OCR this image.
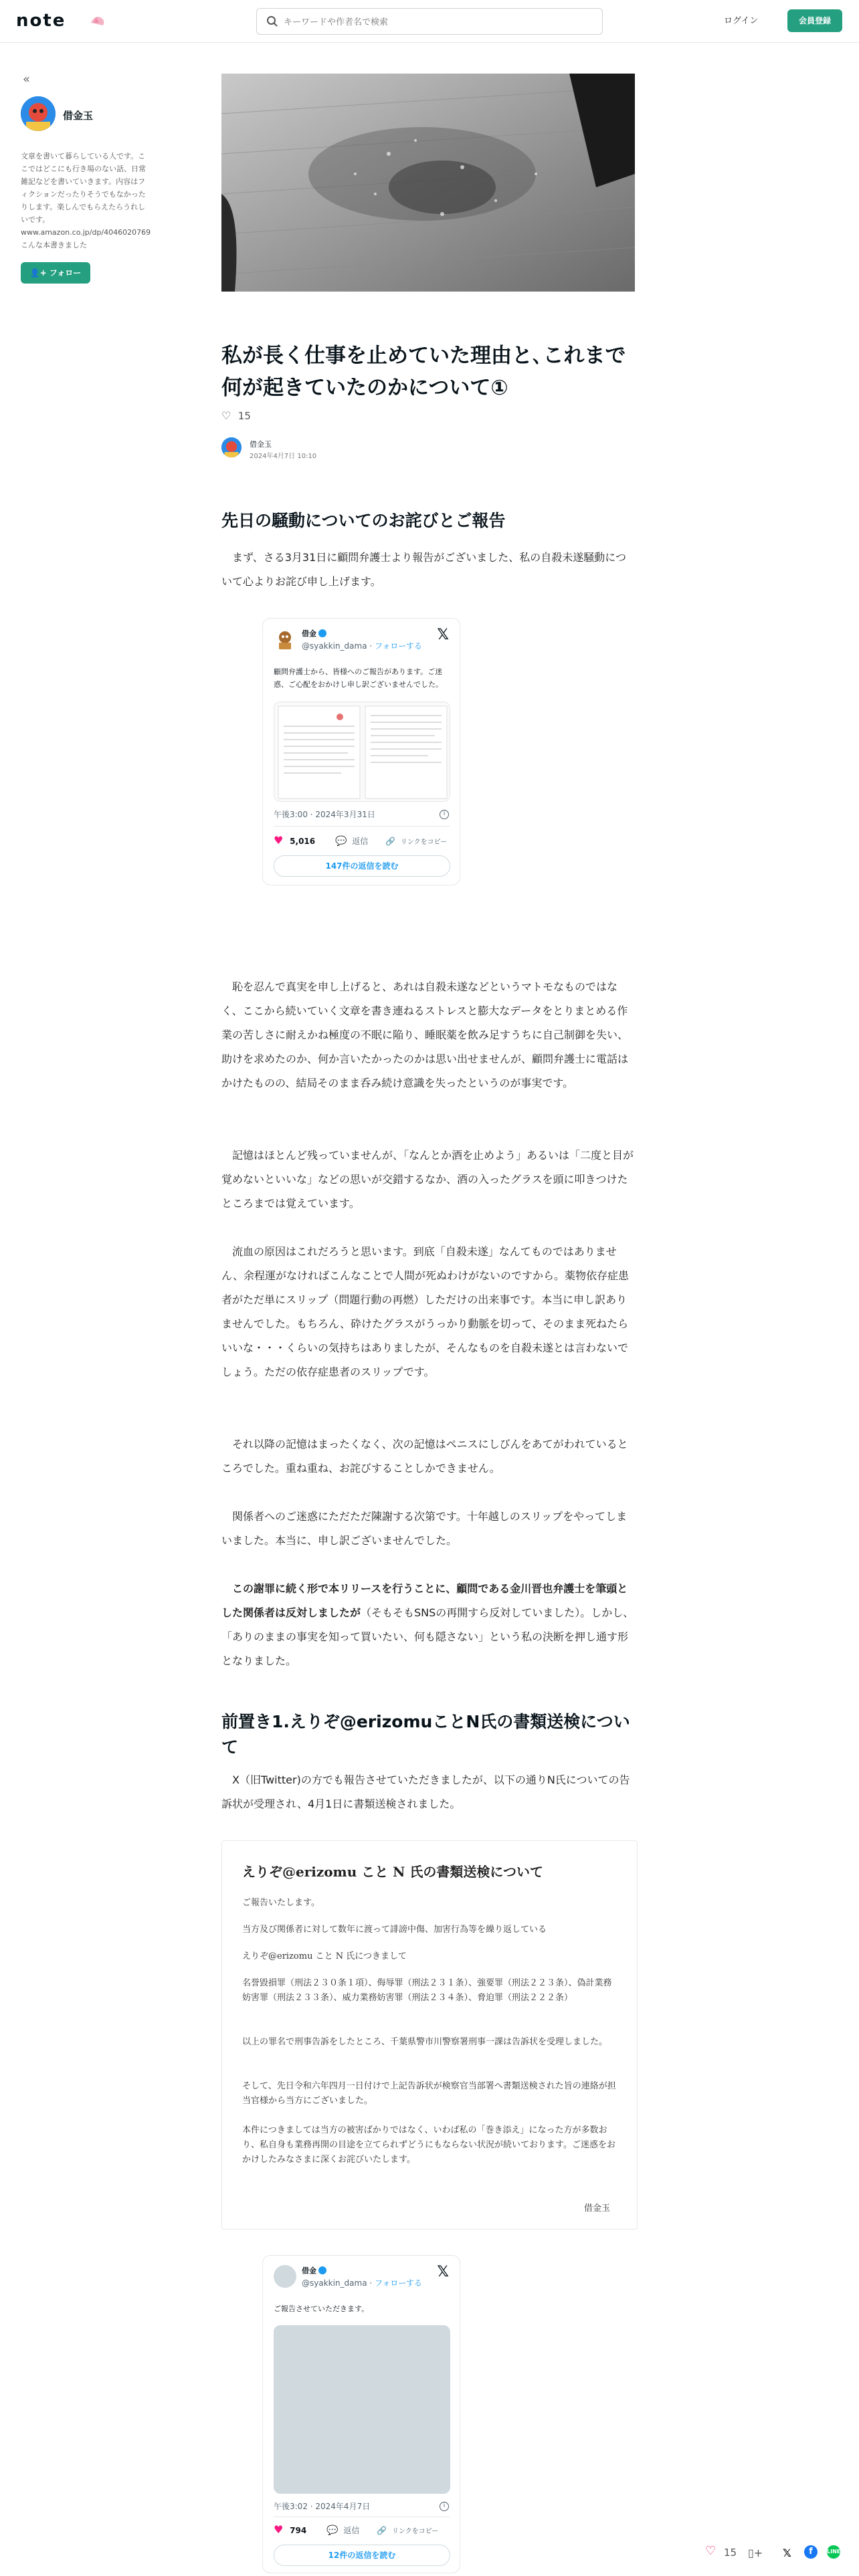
note
キーワードや作者名で検索	ログイン	会員登録
«
借金玉
文章を書いて暮らしている人です。ここではどこにも行き場のない話、日常雑記などを書いていきます。内容はフィクションだったりそうでもなかったりします。楽しんでもらえたらうれしいです。www.amazon.co.jp/dp/4046020769こんな本書きました
👤+ フォロー
私が長く仕事を止めていた理由と､これまで何が起きていたのかについて①
♡ 15
借金玉
2024年4月7日 10:10
先日の騒動についてのお詫びとご報告
まず、さる3月31日に顧問弁護士より報告がございました、私の自殺未遂騒動について心よりお詫び申し上げます。
借金
@syakkin_dama · フォローする
𝕏
顧問弁護士から、皆様へのご報告があります。ご迷惑、ご心配をおかけし申し訳ございませんでした。
午後3:00 · 2024年3月31日	i
♥ 5,016 💬 返信 🔗 リンクをコピー
147件の返信を読む
恥を忍んで真実を申し上げると、あれは自殺未遂などというマトモなものではなく、ここから続いていく文章を書き連ねるストレスと膨大なデータをとりまとめる作業の苦しさに耐えかね極度の不眠に陥り、睡眠薬を飲み足すうちに自己制御を失い、助けを求めたのか、何か言いたかったのかは思い出せませんが、顧問弁護士に電話はかけたものの、結局そのまま呑み続け意識を失ったというのが事実です。
記憶はほとんど残っていませんが、「なんとか酒を止めよう」あるいは「二度と目が覚めないといいな」などの思いが交錯するなか、酒の入ったグラスを頭に叩きつけたところまでは覚えています。
流血の原因はこれだろうと思います。到底「自殺未遂」なんてものではありません、余程運がなければこんなことで人間が死ぬわけがないのですから。薬物依存症患者がただ単にスリップ（問題行動の再燃）しただけの出来事です。本当に申し訳ありませんでした。もちろん、砕けたグラスがうっかり動脈を切って、そのまま死ねたらいいな・・・くらいの気持ちはありましたが、そんなものを自殺未遂とは言わないでしょう。ただの依存症患者のスリップです。
それ以降の記憶はまったくなく、次の記憶はペニスにしびんをあてがわれているところでした。重ね重ね、お詫びすることしかできません。
関係者へのご迷惑にただただ陳謝する次第です。十年越しのスリップをやってしまいました。本当に、申し訳ございませんでした。
この謝罪に続く形で本リリースを行うことに、顧問である金川晋也弁護士を筆頭とした関係者は反対しましたが（そもそもSNSの再開すら反対していました）。しかし、「ありのままの事実を知って買いたい、何も隠さない」という私の決断を押し通す形となりました。
前置き1.えりぞ@erizomuことN氏の書類送検について
X（旧Twitter)の方でも報告させていただきましたが、以下の通りN氏についての告訴状が受理され、4月1日に書類送検されました。
えりぞ@erizomu こと N 氏の書類送検について
ご報告いたします。
当方及び関係者に対して数年に渡って誹謗中傷、加害行為等を繰り返している
えりぞ@erizomu こと N 氏につきまして
名誉毀損罪（刑法２３０条１項）、侮辱罪（刑法２３１条）、強要罪（刑法２２３条）、偽計業務妨害罪（刑法２３３条）、威力業務妨害罪（刑法２３４条）、脅迫罪（刑法２２２条）
以上の罪名で刑事告訴をしたところ、千葉県警市川警察署刑事一課は告訴状を受理しました。
そして、先日令和六年四月一日付けで上記告訴状が検察官当部署へ書類送検された旨の連絡が担当官様から当方にございました。
本件につきましては当方の被害ばかりではなく、いわば私の「巻き添え」になった方が多数おり、私自身も業務再開の目途を立てられずどうにもならない状況が続いております。ご迷惑をおかけしたみなさまに深くお詫びいたします。
借金玉
借金
@syakkin_dama · フォローする
𝕏
ご報告させていただきます。
午後3:02 · 2024年4月7日	i
♥ 794 💬 返信 🔗 リンクをコピー
12件の返信を読む	♡ 15 ▯+ 𝕏	f	LINE
